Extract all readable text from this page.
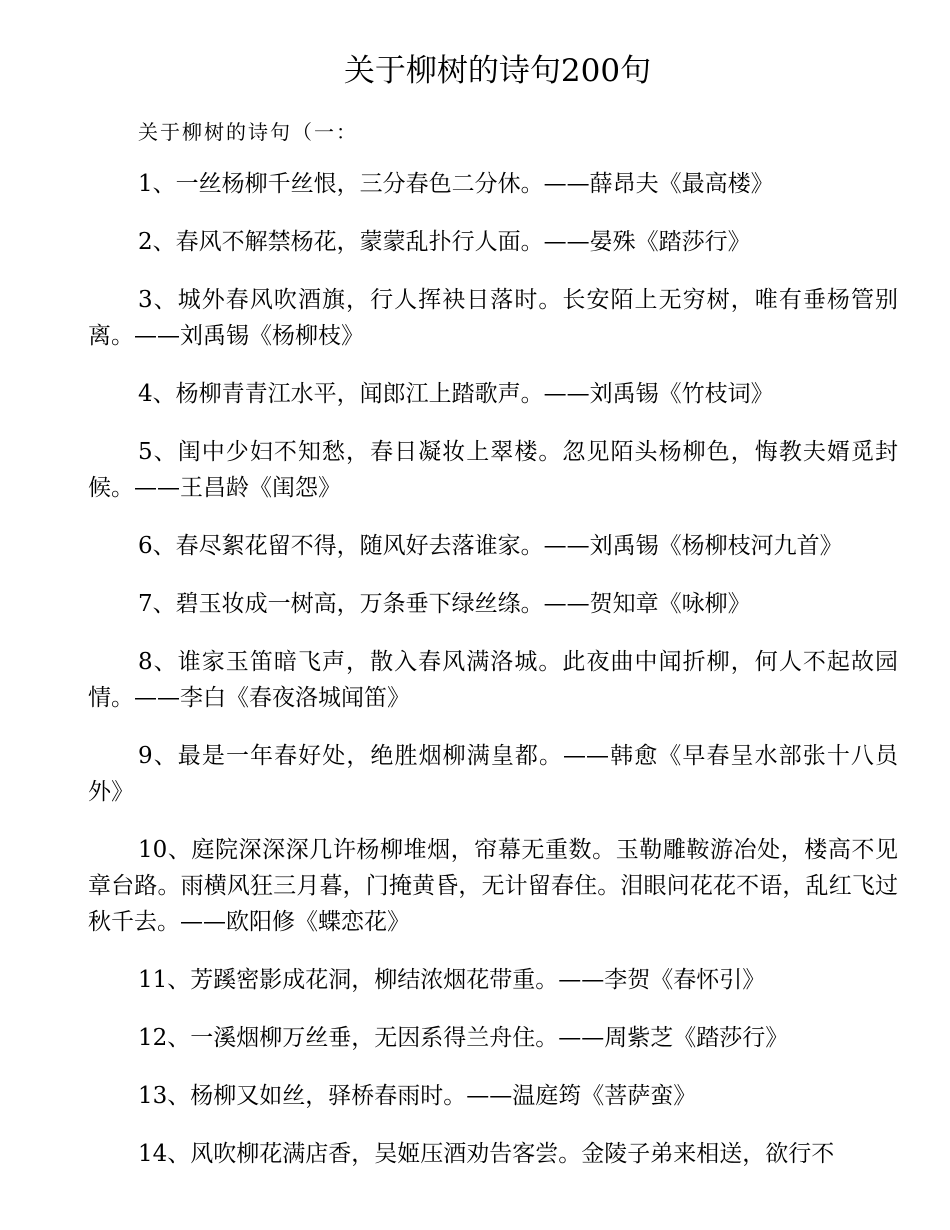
关于柳树的诗句200句

关于柳树的诗句（一：

1、一丝杨柳千丝恨，三分春色二分休。——薛昂夫《最高楼》
2、春风不解禁杨花，蒙蒙乱扑行人面。——晏殊《踏莎行》
3、城外春风吹酒旗，行人挥袂日落时。长安陌上无穷树，唯有垂杨管别离。——刘禹锡《杨柳枝》
4、杨柳青青江水平，闻郎江上踏歌声。——刘禹锡《竹枝词》
5、闺中少妇不知愁，春日凝妆上翠楼。忽见陌头杨柳色，悔教夫婿觅封候。——王昌龄《闺怨》
6、春尽絮花留不得，随风好去落谁家。——刘禹锡《杨柳枝河九首》
7、碧玉妆成一树高，万条垂下绿丝绦。——贺知章《咏柳》
8、谁家玉笛暗飞声，散入春风满洛城。此夜曲中闻折柳，何人不起故园情。——李白《春夜洛城闻笛》
9、最是一年春好处，绝胜烟柳满皇都。——韩愈《早春呈水部张十八员外》
10、庭院深深深几许杨柳堆烟，帘幕无重数。玉勒雕鞍游冶处，楼高不见章台路。雨横风狂三月暮，门掩黄昏，无计留春住。泪眼问花花不语，乱红飞过秋千去。——欧阳修《蝶恋花》
11、芳蹊密影成花洞，柳结浓烟花带重。——李贺《春怀引》
12、一溪烟柳万丝垂，无因系得兰舟住。——周紫芝《踏莎行》
13、杨柳又如丝，驿桥春雨时。——温庭筠《菩萨蛮》
14、风吹柳花满店香，吴姬压酒劝告客尝。金陵子弟来相送，欲行不
